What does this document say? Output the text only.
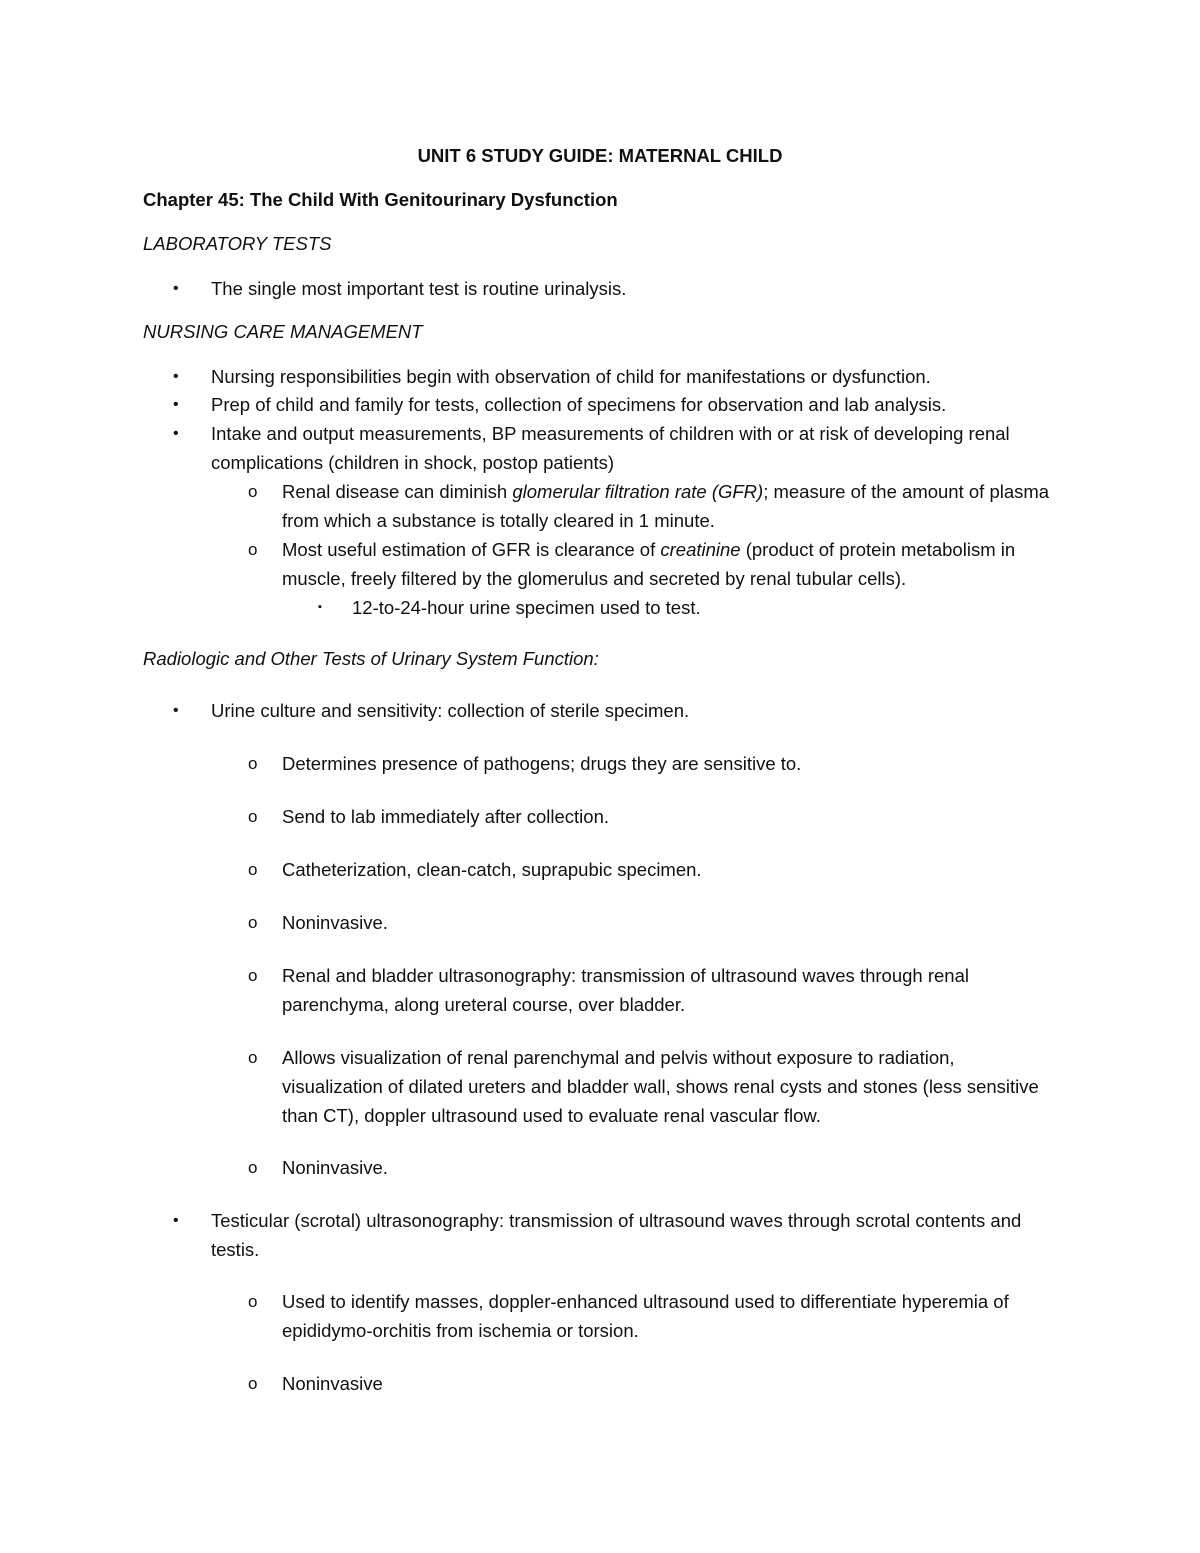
UNIT 6 STUDY GUIDE: MATERNAL CHILD
Chapter 45: The Child With Genitourinary Dysfunction
LABORATORY TESTS
• The single most important test is routine urinalysis.
NURSING CARE MANAGEMENT
• Nursing responsibilities begin with observation of child for manifestations or dysfunction.
• Prep of child and family for tests, collection of specimens for observation and lab analysis.
• Intake and output measurements, BP measurements of children with or at risk of developing renal complications (children in shock, postop patients)
o Renal disease can diminish glomerular filtration rate (GFR); measure of the amount of plasma from which a substance is totally cleared in 1 minute.
o Most useful estimation of GFR is clearance of creatinine (product of protein metabolism in muscle, freely filtered by the glomerulus and secreted by renal tubular cells).
▪ 12-to-24-hour urine specimen used to test.
Radiologic and Other Tests of Urinary System Function:
• Urine culture and sensitivity: collection of sterile specimen.
o Determines presence of pathogens; drugs they are sensitive to.
o Send to lab immediately after collection.
o Catheterization, clean-catch, suprapubic specimen.
o Noninvasive.
o Renal and bladder ultrasonography: transmission of ultrasound waves through renal parenchyma, along ureteral course, over bladder.
o Allows visualization of renal parenchymal and pelvis without exposure to radiation, visualization of dilated ureters and bladder wall, shows renal cysts and stones (less sensitive than CT), doppler ultrasound used to evaluate renal vascular flow.
o Noninvasive.
• Testicular (scrotal) ultrasonography: transmission of ultrasound waves through scrotal contents and testis.
o Used to identify masses, doppler-enhanced ultrasound used to differentiate hyperemia of epididymo-orchitis from ischemia or torsion.
o Noninvasive
